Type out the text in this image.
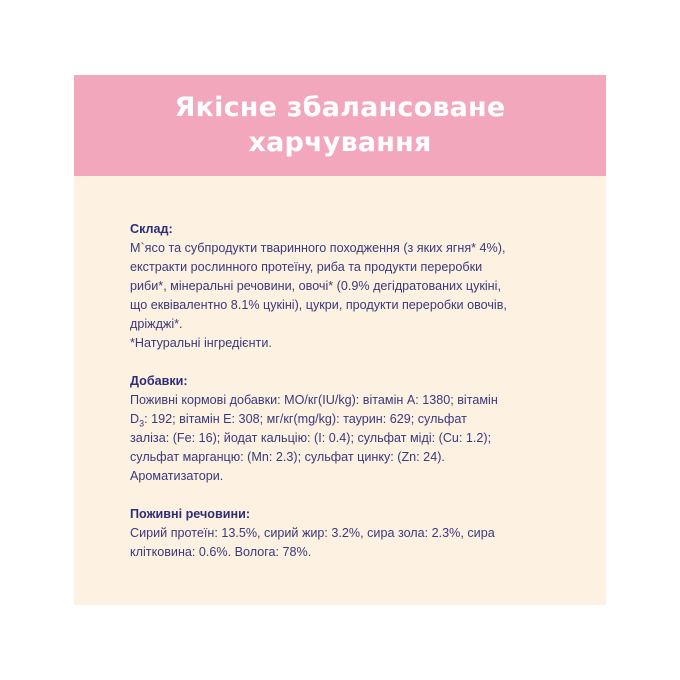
Якісне збалансоване
харчування
Склад:
М`ясо та субпродукти тваринного походження (з яких ягня* 4%),
екстракти рослинного протеїну, риба та продукти переробки
риби*, мінеральні речовини, овочі* (0.9% дегідратованих цукіні,
що еквівалентно 8.1% цукіні), цукри, продукти переробки овочів,
дріжджі*.
*Натуральні інгредієнти.
Добавки:
Поживні кормові добавки: МО/кг(IU/kg): вітамін А: 1380; вітамін
$D_3$: 192; вітамін Е: 308; мг/кг(mg/kg): таурин: 629; сульфат
заліза: (Fe: 16); йодат кальцію: (I: 0.4); сульфат міді: (Cu: 1.2);
сульфат марганцю: (Mn: 2.3); сульфат цинку: (Zn: 24).
Ароматизатори.
Поживні речовини:
Сирий протеїн: 13.5%, сирий жир: 3.2%, сира зола: 2.3%, сира
клітковина: 0.6%. Волога: 78%.
